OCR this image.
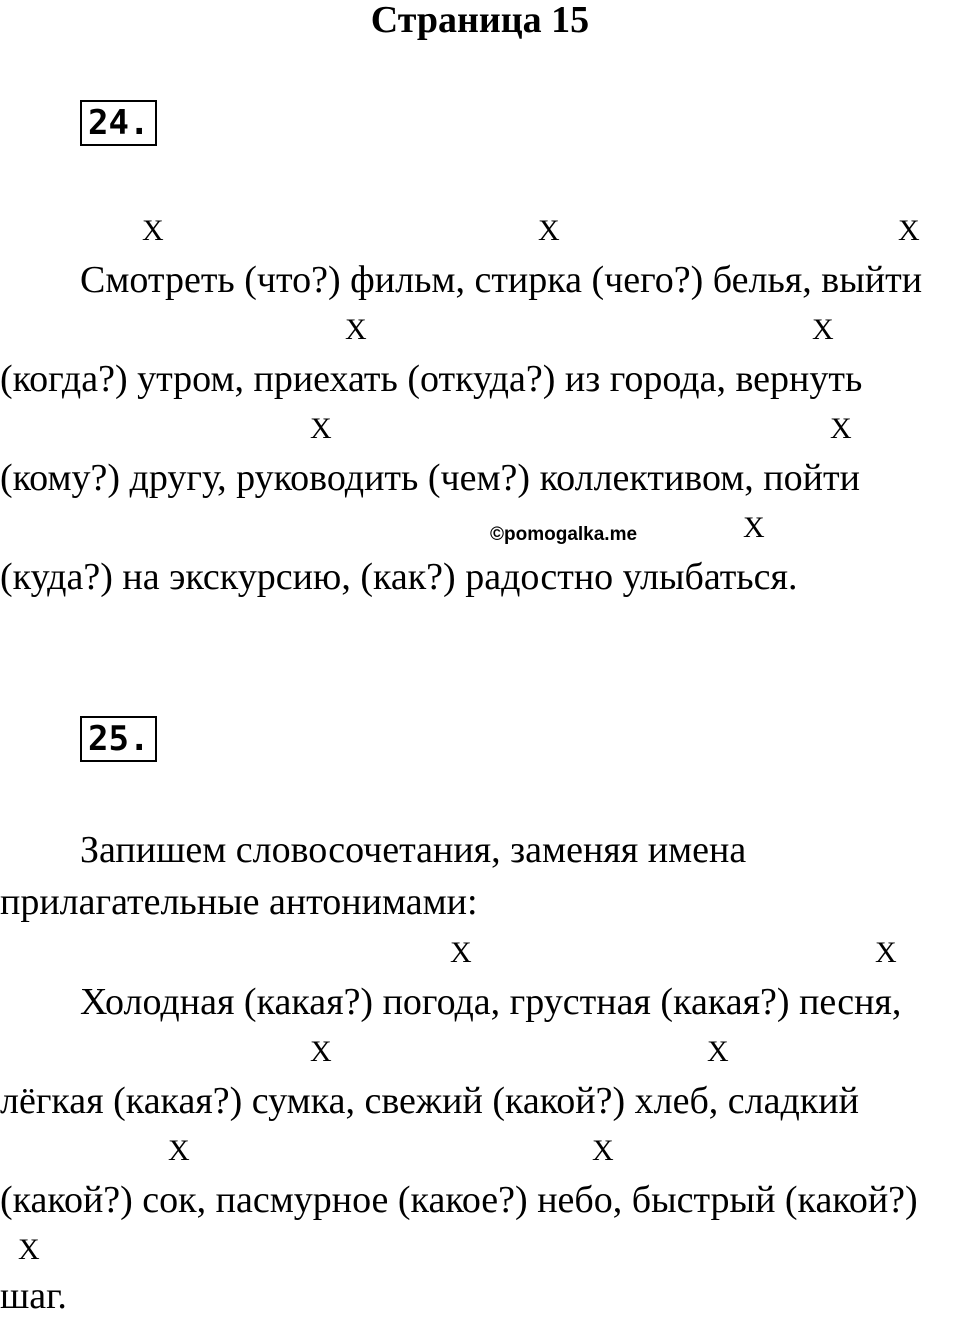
Страница 15
24.
X	X	X
Смотреть (что?) фильм, стирка (чего?) белья, выйти
X	X
(когда?) утром, приехать (откуда?) из города, вернуть
X	X
(кому?) другу, руководить (чем?) коллективом, пойти
©pomogalka.me	X
(куда?) на экскурсию, (как?) радостно улыбаться.
25.
Запишем словосочетания, заменяя имена
прилагательные антонимами:
X	X
Холодная (какая?) погода, грустная (какая?) песня,
X	X
лёгкая (какая?) сумка, свежий (какой?) хлеб, сладкий
X	X
(какой?) сок, пасмурное (какое?) небо, быстрый (какой?)
X
шаг.
